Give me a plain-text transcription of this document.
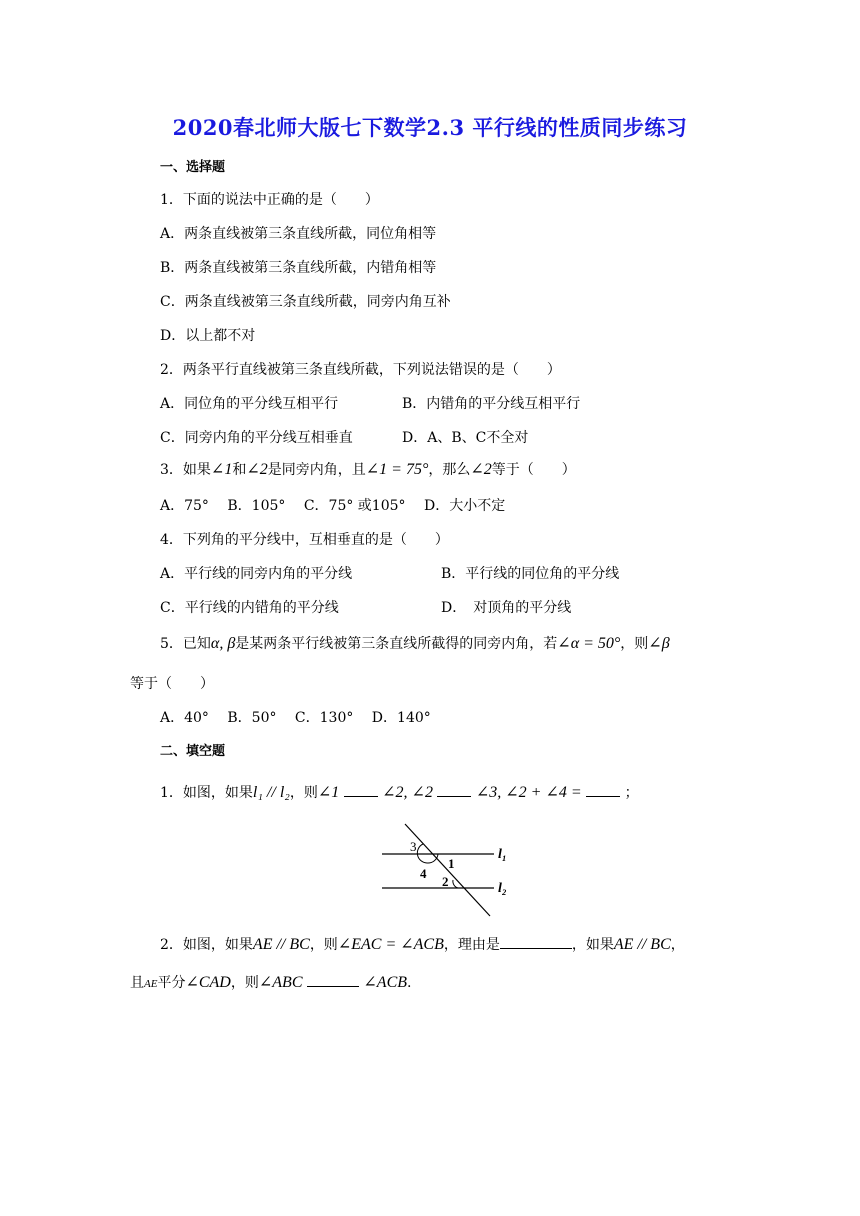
2020春北师大版七下数学2.3 平行线的性质同步练习
一、选择题
1．下面的说法中正确的是（　　）
A．两条直线被第三条直线所截，同位角相等
B．两条直线被第三条直线所截，内错角相等
C．两条直线被第三条直线所截，同旁内角互补
D．以上都不对
2．两条平行直线被第三条直线所截，下列说法错误的是（　　）
A．同位角的平分线互相平行	B．内错角的平分线互相平行
C．同旁内角的平分线互相垂直	D．A、B、C不全对
3．如果∠1和∠2是同旁内角，且∠1 = 75°，那么∠2等于（　　）
A．75°　 B．105°　 C．75° 或105°　 D．大小不定
4．下列角的平分线中，互相垂直的是（　　）
A．平行线的同旁内角的平分线	B．平行线的同位角的平分线
C．平行线的内错角的平分线	D．　对顶角的平分线
5．已知α, β是某两条平行线被第三条直线所截得的同旁内角，若∠α = 50°，则∠β
等于（　　）
A．40°　 B．50°　 C．130°　 D．140°
二、填空题
1．如图，如果l₁ // l₂，则∠1	∠2, ∠2	∠3, ∠2 + ∠4 =	；
3
1
4
2
l₁
l₂
2．如图，如果AE // BC，则∠EAC = ∠ACB，理由是	，如果AE // BC，
且AE平分∠CAD，则∠ABC	∠ACB.
